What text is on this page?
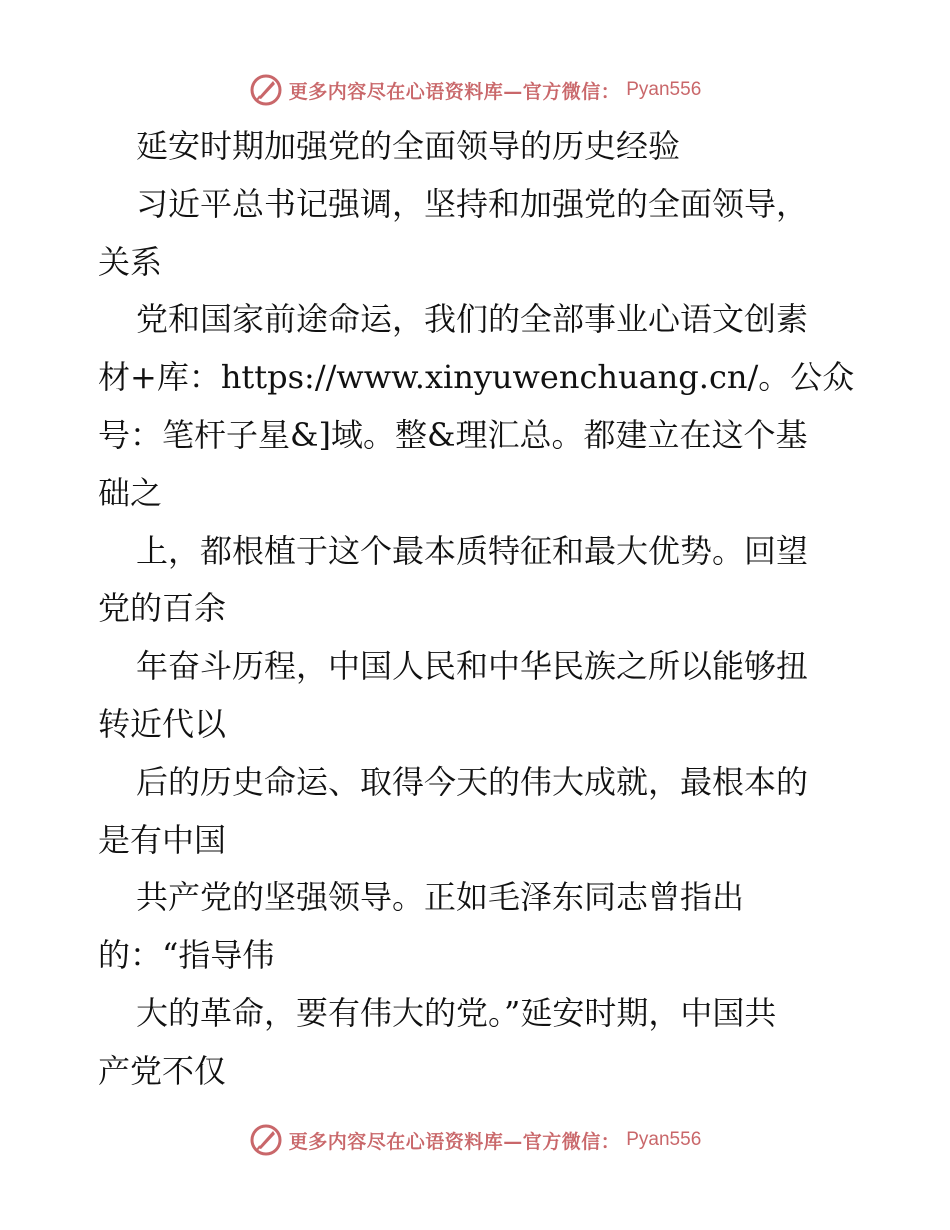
更多内容尽在心语资料库—官方微信： Pyan556
延安时期加强党的全面领导的历史经验
习近平总书记强调，坚持和加强党的全面领导，
关系
党和国家前途命运，我们的全部事业心语文创素
材+库：https://www.xinyuwenchuang.cn/。公众
号：笔杆子星&]域。整&理汇总。都建立在这个基
础之
上，都根植于这个最本质特征和最大优势。回望
党的百余
年奋斗历程，中国人民和中华民族之所以能够扭
转近代以
后的历史命运、取得今天的伟大成就，最根本的
是有中国
共产党的坚强领导。正如毛泽东同志曾指出
的：“指导伟
大的革命，要有伟大的党。”延安时期，中国共
产党不仅
更多内容尽在心语资料库—官方微信： Pyan556
